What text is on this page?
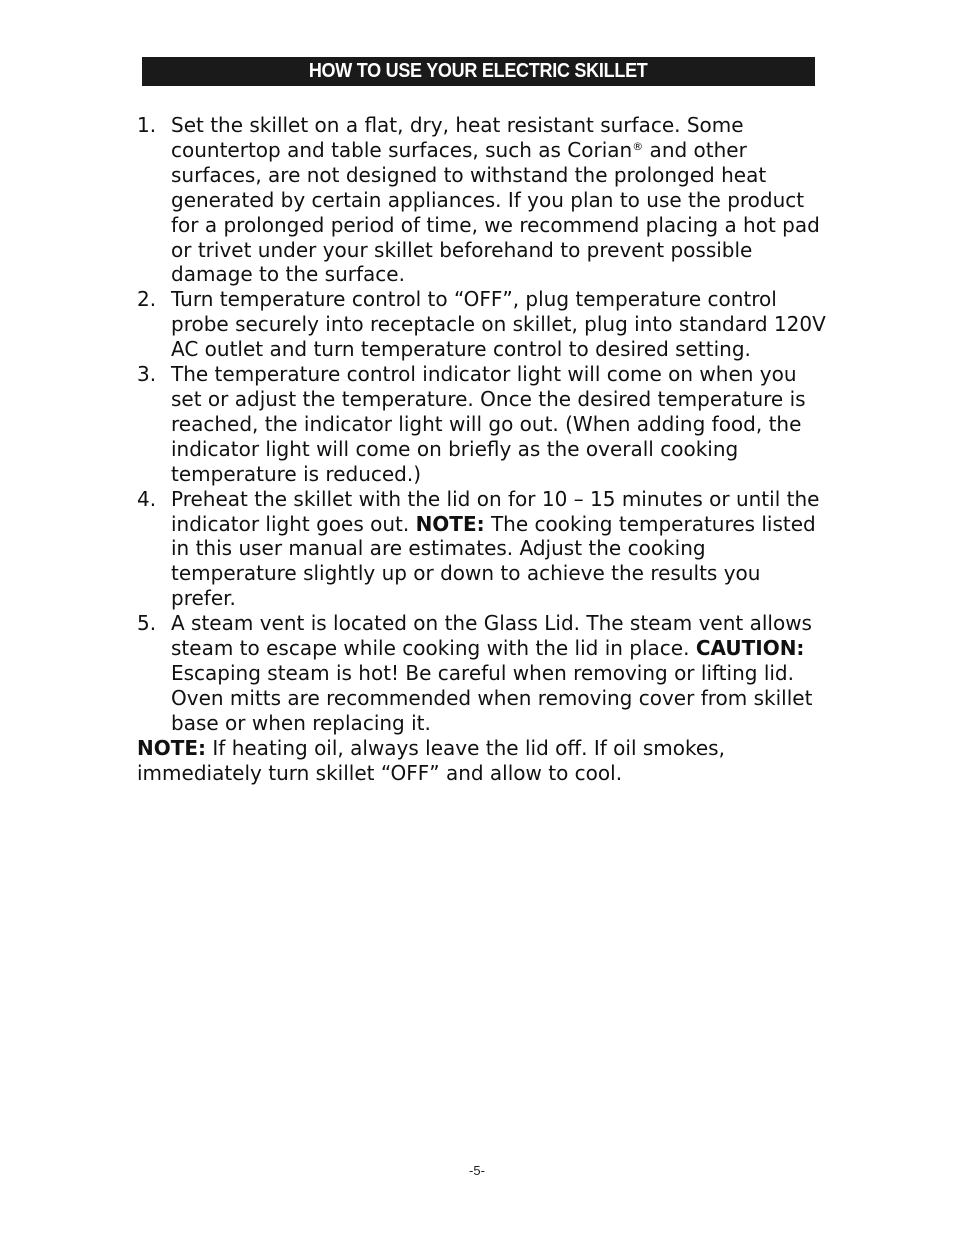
HOW TO USE YOUR ELECTRIC SKILLET
1. Set the skillet on a flat, dry, heat resistant surface. Some countertop and table surfaces, such as Corian® and other surfaces, are not designed to withstand the prolonged heat generated by certain appliances. If you plan to use the product for a prolonged period of time, we recommend placing a hot pad or trivet under your skillet beforehand to prevent possible damage to the surface.
2. Turn temperature control to “OFF”, plug temperature control probe securely into receptacle on skillet, plug into standard 120V AC outlet and turn temperature control to desired setting.
3. The temperature control indicator light will come on when you set or adjust the temperature. Once the desired temperature is reached, the indicator light will go out. (When adding food, the indicator light will come on briefly as the overall cooking temperature is reduced.)
4. Preheat the skillet with the lid on for 10 – 15 minutes or until the indicator light goes out. NOTE: The cooking temperatures listed in this user manual are estimates. Adjust the cooking temperature slightly up or down to achieve the results you prefer.
5. A steam vent is located on the Glass Lid. The steam vent allows steam to escape while cooking with the lid in place. CAUTION: Escaping steam is hot! Be careful when removing or lifting lid. Oven mitts are recommended when removing cover from skillet base or when replacing it.

NOTE: If heating oil, always leave the lid off. If oil smokes, immediately turn skillet “OFF” and allow to cool.

-5-
